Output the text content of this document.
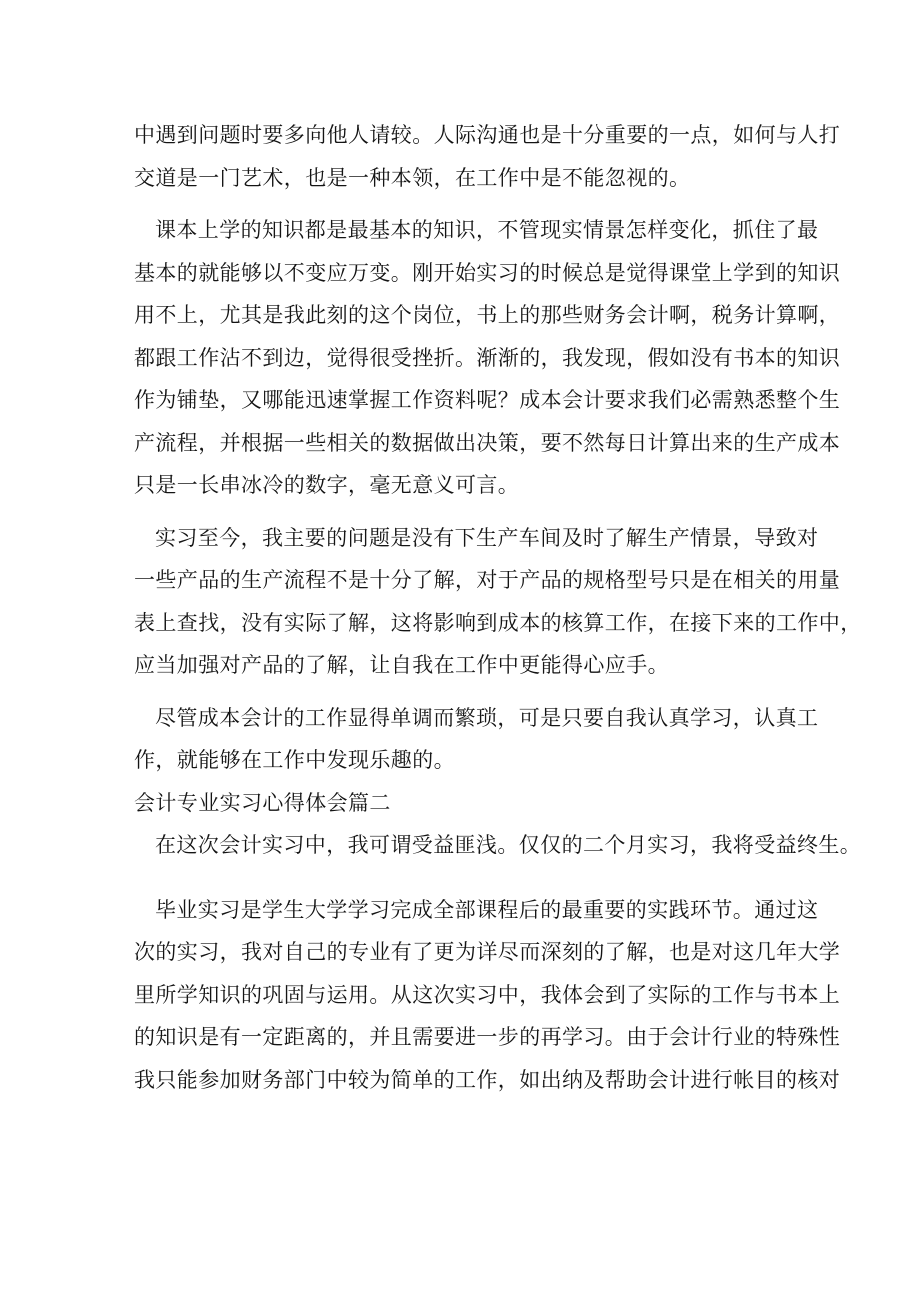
中遇到问题时要多向他人请较。人际沟通也是十分重要的一点，如何与人打
交道是一门艺术，也是一种本领，在工作中是不能忽视的。
课本上学的知识都是最基本的知识，不管现实情景怎样变化，抓住了最
基本的就能够以不变应万变。刚开始实习的时候总是觉得课堂上学到的知识
用不上，尤其是我此刻的这个岗位，书上的那些财务会计啊，税务计算啊，
都跟工作沾不到边，觉得很受挫折。渐渐的，我发现，假如没有书本的知识
作为铺垫，又哪能迅速掌握工作资料呢？成本会计要求我们必需熟悉整个生
产流程，并根据一些相关的数据做出决策，要不然每日计算出来的生产成本
只是一长串冰冷的数字，毫无意义可言。
实习至今，我主要的问题是没有下生产车间及时了解生产情景，导致对
一些产品的生产流程不是十分了解，对于产品的规格型号只是在相关的用量
表上查找，没有实际了解，这将影响到成本的核算工作，在接下来的工作中，
应当加强对产品的了解，让自我在工作中更能得心应手。
尽管成本会计的工作显得单调而繁琐，可是只要自我认真学习，认真工
作，就能够在工作中发现乐趣的。
会计专业实习心得体会篇二
在这次会计实习中，我可谓受益匪浅。仅仅的二个月实习，我将受益终生。
毕业实习是学生大学学习完成全部课程后的最重要的实践环节。通过这
次的实习，我对自己的专业有了更为详尽而深刻的了解，也是对这几年大学
里所学知识的巩固与运用。从这次实习中，我体会到了实际的工作与书本上
的知识是有一定距离的，并且需要进一步的再学习。由于会计行业的特殊性
我只能参加财务部门中较为简单的工作，如出纳及帮助会计进行帐目的核对
